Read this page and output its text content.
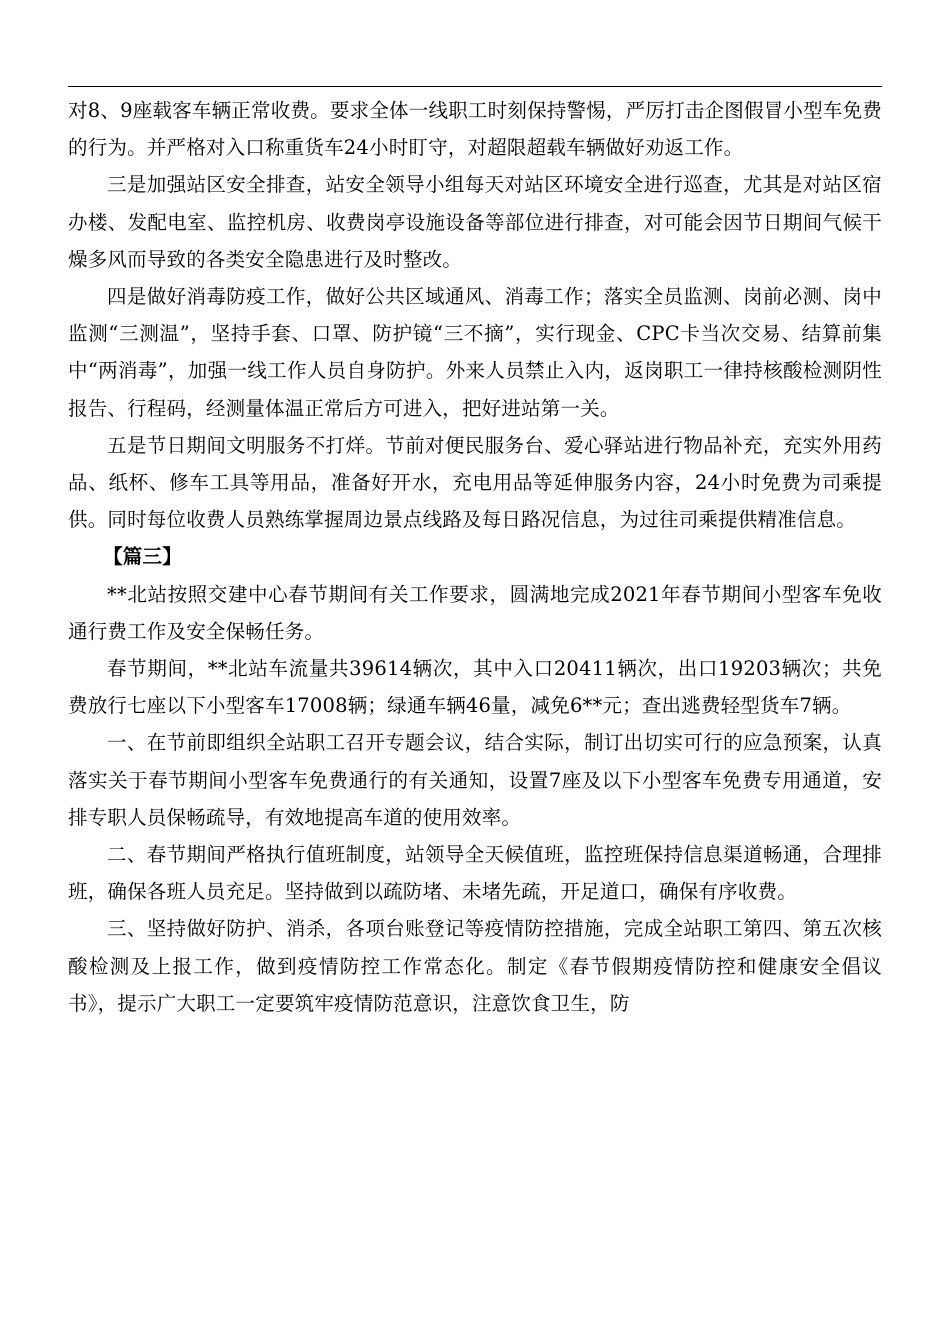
对8、9座载客车辆正常收费。要求全体一线职工时刻保持警惕，严厉打击企图假冒小型车免费的行为。并严格对入口称重货车24小时盯守，对超限超载车辆做好劝返工作。

三是加强站区安全排查，站安全领导小组每天对站区环境安全进行巡查，尤其是对站区宿办楼、发配电室、监控机房、收费岗亭设施设备等部位进行排查，对可能会因节日期间气候干燥多风而导致的各类安全隐患进行及时整改。

四是做好消毒防疫工作，做好公共区域通风、消毒工作；落实全员监测、岗前必测、岗中监测“三测温”，坚持手套、口罩、防护镜“三不摘”，实行现金、CPC卡当次交易、结算前集中“两消毒”，加强一线工作人员自身防护。外来人员禁止入内，返岗职工一律持核酸检测阴性报告、行程码，经测量体温正常后方可进入，把好进站第一关。

五是节日期间文明服务不打烊。节前对便民服务台、爱心驿站进行物品补充，充实外用药品、纸杯、修车工具等用品，准备好开水，充电用品等延伸服务内容，24小时免费为司乘提供。同时每位收费人员熟练掌握周边景点线路及每日路况信息，为过往司乘提供精准信息。

【篇三】

**北站按照交建中心春节期间有关工作要求，圆满地完成2021年春节期间小型客车免收通行费工作及安全保畅任务。

春节期间，**北站车流量共39614辆次，其中入口20411辆次，出口19203辆次；共免费放行七座以下小型客车17008辆；绿通车辆46量，减免6**元；查出逃费轻型货车7辆。

一、在节前即组织全站职工召开专题会议，结合实际，制订出切实可行的应急预案，认真落实关于春节期间小型客车免费通行的有关通知，设置7座及以下小型客车免费专用通道，安排专职人员保畅疏导，有效地提高车道的使用效率。

二、春节期间严格执行值班制度，站领导全天候值班，监控班保持信息渠道畅通，合理排班，确保各班人员充足。坚持做到以疏防堵、未堵先疏，开足道口，确保有序收费。

三、坚持做好防护、消杀，各项台账登记等疫情防控措施，完成全站职工第四、第五次核酸检测及上报工作，做到疫情防控工作常态化。制定《春节假期疫情防控和健康安全倡议书》，提示广大职工一定要筑牢疫情防范意识，注意饮食卫生，防
